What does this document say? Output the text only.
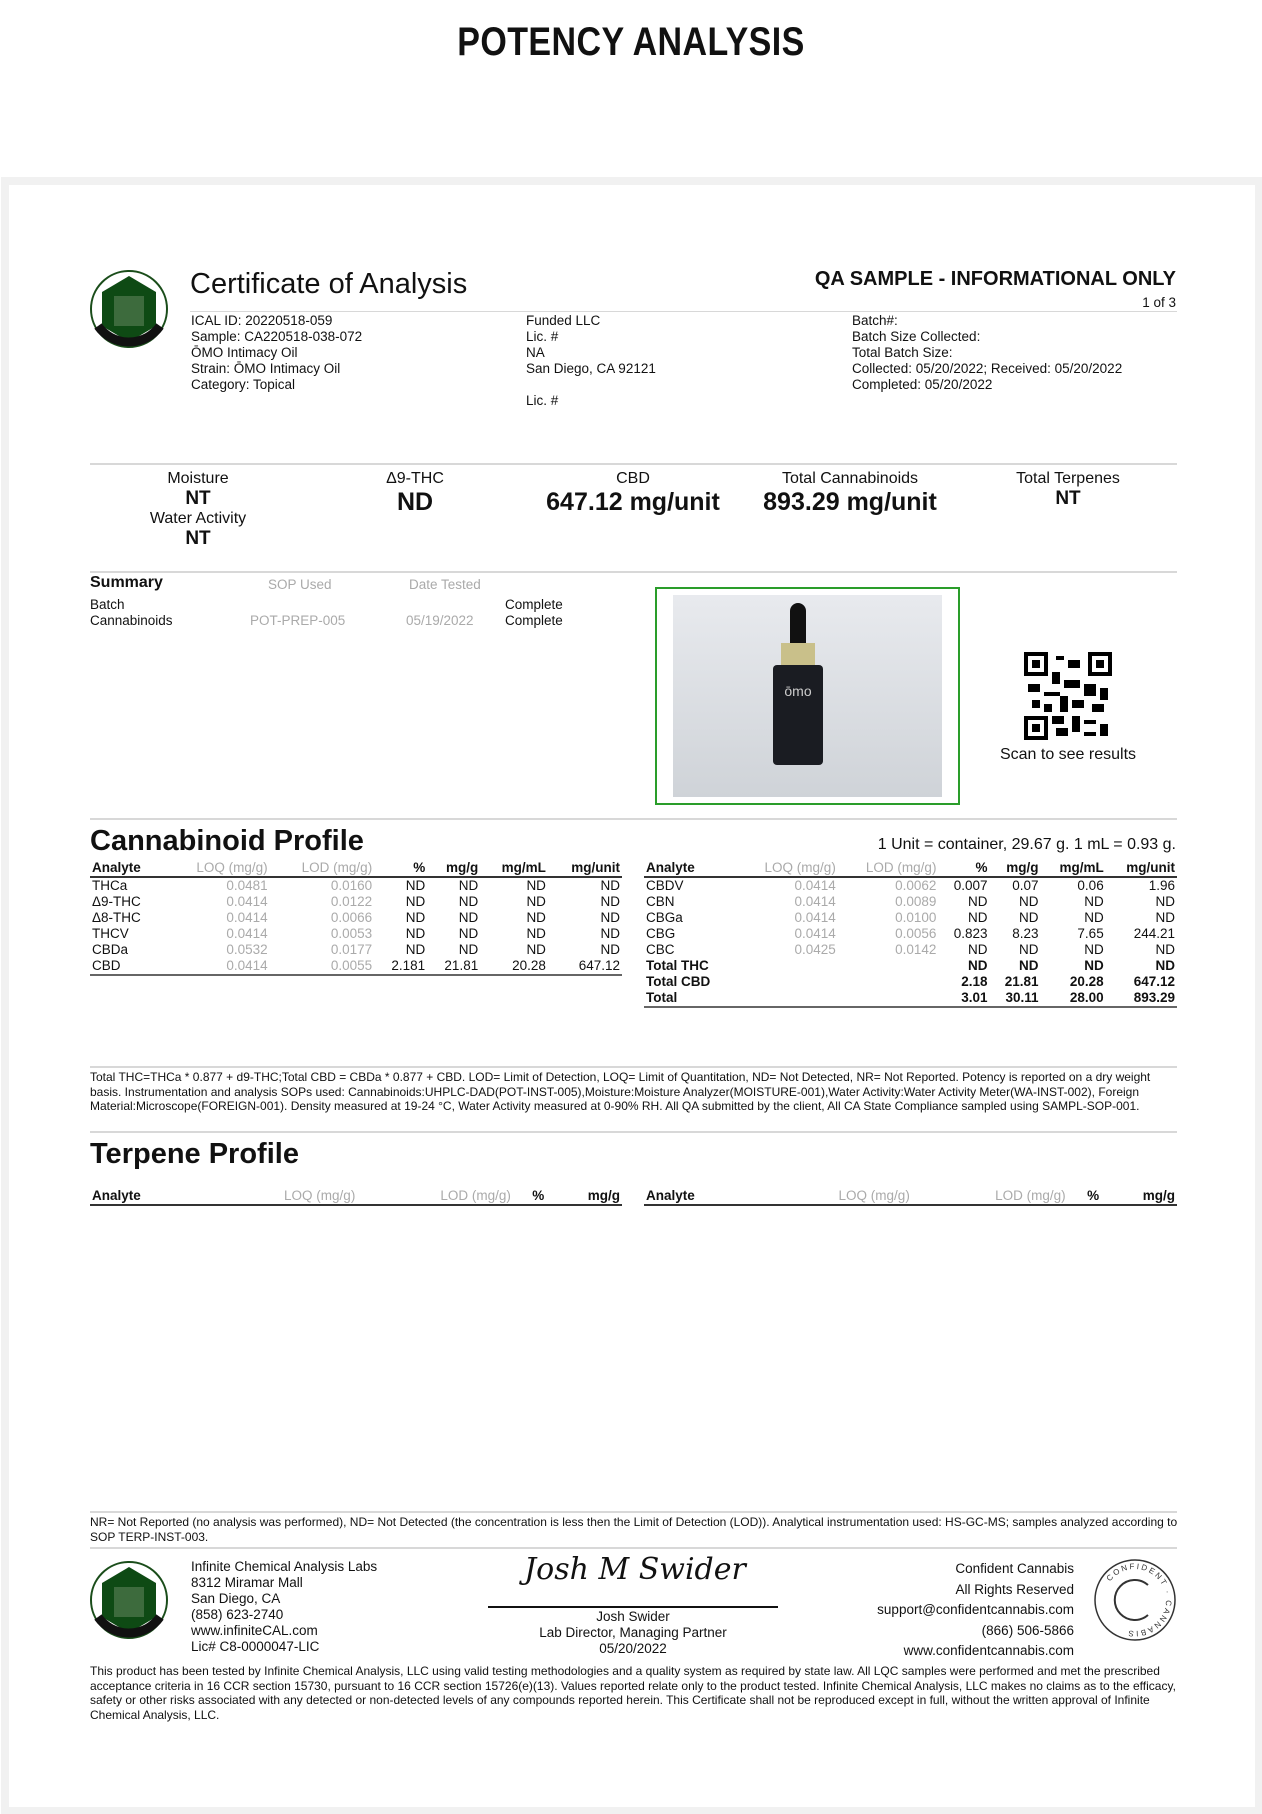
POTENCY ANALYSIS
Certificate of Analysis	QA SAMPLE - INFORMATIONAL ONLY
1 of 3
ICAL ID: 20220518-059
Sample: CA220518-038-072
ŌMO Intimacy Oil
Strain: ŌMO Intimacy Oil
Category: Topical
Funded LLC
Lic. #
NA
San Diego, CA 92121
Lic. #
Batch#:
Batch Size Collected:
Total Batch Size:
Collected: 05/20/2022; Received: 05/20/2022
Completed: 05/20/2022
Moisture
NT
Water Activity
NT
Δ9-THC
ND
CBD
647.12 mg/unit
Total Cannabinoids
893.29 mg/unit
Total Terpenes
NT
Summary	SOP Used	Date Tested
Batch	Complete
Cannabinoids	POT-PREP-005	05/19/2022 Complete
ōmo
Scan to see results
Cannabinoid Profile	1 Unit = container, 29.67 g. 1 mL = 0.93 g.
Analyte	LOQ (mg/g)	LOD (mg/g)	%	mg/g	mg/mL	mg/unit
THCa	0.0481	0.0160	ND	ND	ND	ND
Δ9-THC	0.0414	0.0122	ND	ND	ND	ND
Δ8-THC	0.0414	0.0066	ND	ND	ND	ND
THCV	0.0414	0.0053	ND	ND	ND	ND
CBDa	0.0532	0.0177	ND	ND	ND	ND
CBD	0.0414	0.0055	2.181	21.81	20.28	647.12
Analyte	LOQ (mg/g)	LOD (mg/g)	%	mg/g	mg/mL	mg/unit
CBDV	0.0414	0.0062	0.007	0.07	0.06	1.96
CBN	0.0414	0.0089	ND	ND	ND	ND
CBGa	0.0414	0.0100	ND	ND	ND	ND
CBG	0.0414	0.0056	0.823	8.23	7.65	244.21
CBC	0.0425	0.0142	ND	ND	ND	ND
Total THC			ND	ND	ND	ND
Total CBD			2.18	21.81	20.28	647.12
Total			3.01	30.11	28.00	893.29
Total THC=THCa * 0.877 + d9-THC;Total CBD = CBDa * 0.877 + CBD. LOD= Limit of Detection, LOQ= Limit of Quantitation, ND= Not Detected, NR= Not Reported. Potency is reported on a dry weight basis. Instrumentation and analysis SOPs used: Cannabinoids:UHPLC-DAD(POT-INST-005),Moisture:Moisture Analyzer(MOISTURE-001),Water Activity:Water Activity Meter(WA-INST-002), Foreign Material:Microscope(FOREIGN-001). Density measured at 19-24 °C, Water Activity measured at 0-90% RH. All QA submitted by the client, All CA State Compliance sampled using SAMPL-SOP-001.
Terpene Profile
Analyte	LOQ (mg/g)	LOD (mg/g)	%	mg/g Analyte	LOQ (mg/g)	LOD (mg/g)	%	mg/g
NR= Not Reported (no analysis was performed), ND= Not Detected (the concentration is less then the Limit of Detection (LOD)). Analytical instrumentation used: HS-GC-MS; samples analyzed according to SOP TERP-INST-003.
Infinite Chemical Analysis Labs
8312 Miramar Mall
San Diego, CA
(858) 623-2740
www.infiniteCAL.com
Lic# C8-0000047-LIC
Josh M Swider
Josh Swider
Lab Director, Managing Partner
05/20/2022
Confident Cannabis
All Rights Reserved
support@confidentcannabis.com
(866) 506-5866
www.confidentcannabis.com
CONFIDENT · CANNABIS
This product has been tested by Infinite Chemical Analysis, LLC using valid testing methodologies and a quality system as required by state law. All LQC samples were performed and met the prescribed acceptance criteria in 16 CCR section 15730, pursuant to 16 CCR section 15726(e)(13). Values reported relate only to the product tested. Infinite Chemical Analysis, LLC makes no claims as to the efficacy, safety or other risks associated with any detected or non-detected levels of any compounds reported herein. This Certificate shall not be reproduced except in full, without the written approval of Infinite Chemical Analysis, LLC.
